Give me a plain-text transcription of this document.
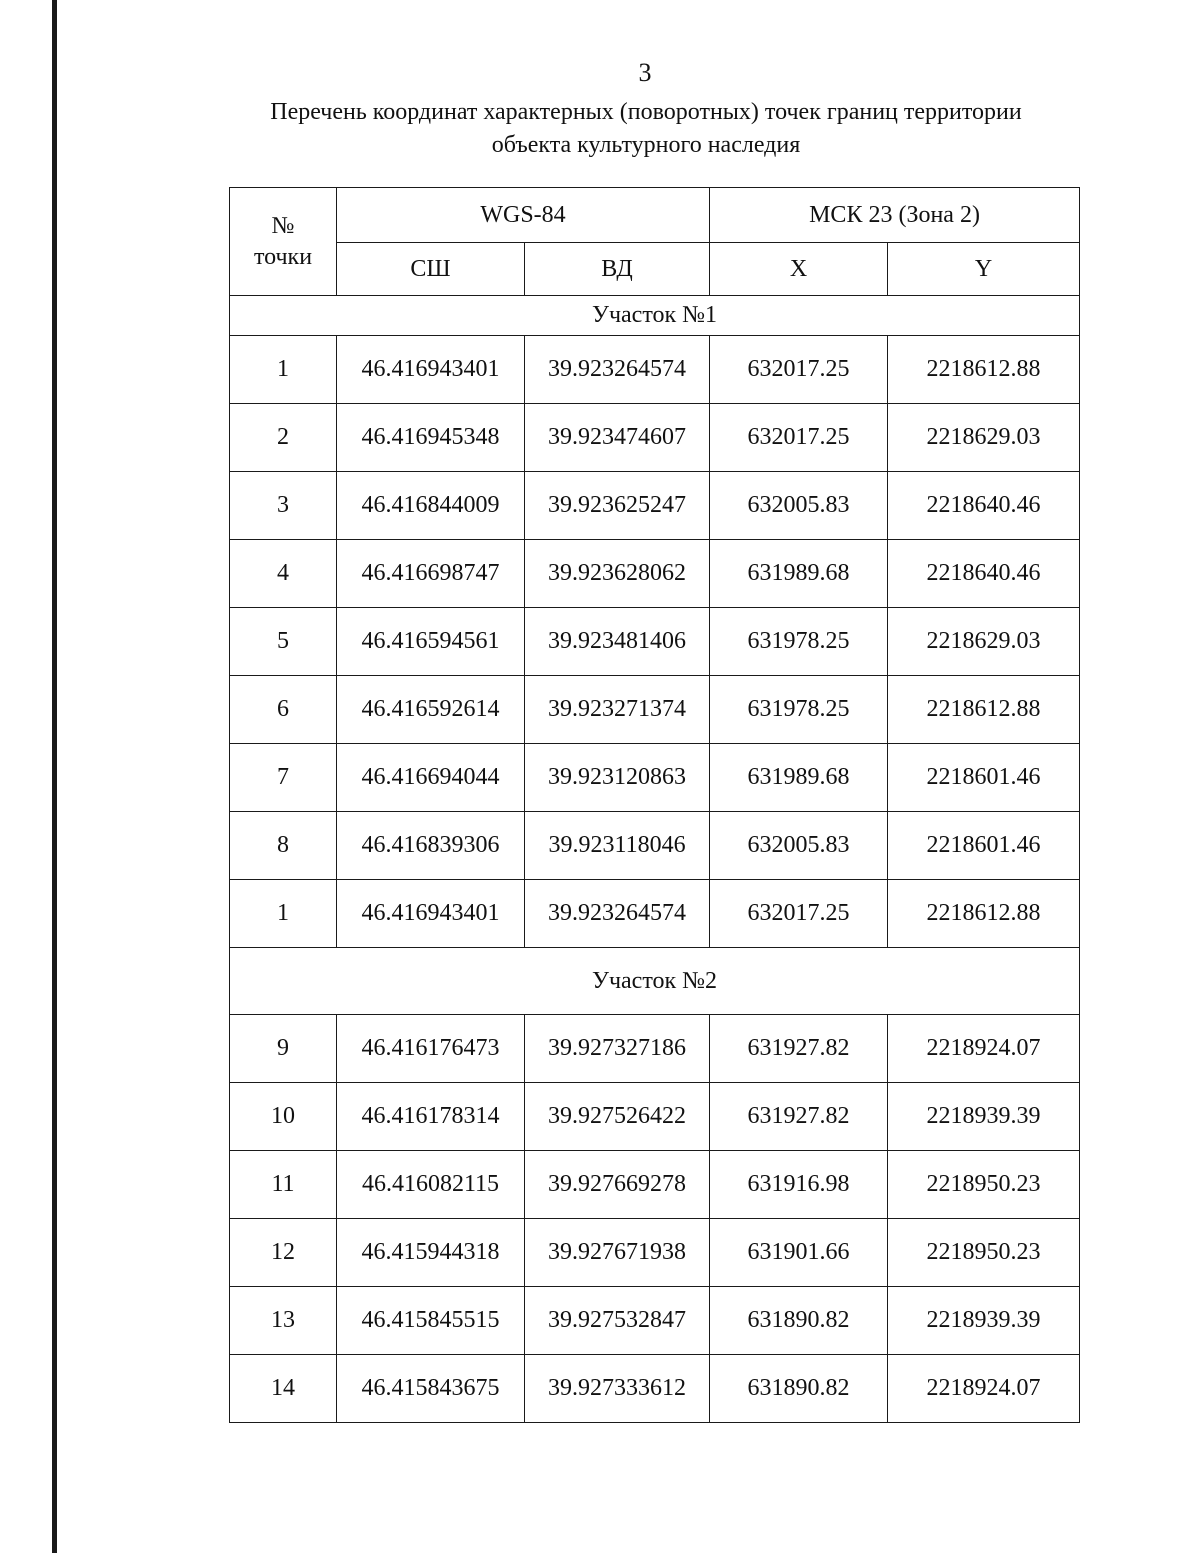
3
Перечень координат характерных (поворотных) точек границ территории
объекта культурного наследия
№
точки	WGS-84		МСК 23 (Зона 2)	
	СШ	ВД	X	Y
Участок №1				
1	46.416943401	39.923264574	632017.25	2218612.88
2	46.416945348	39.923474607	632017.25	2218629.03
3	46.416844009	39.923625247	632005.83	2218640.46
4	46.416698747	39.923628062	631989.68	2218640.46
5	46.416594561	39.923481406	631978.25	2218629.03
6	46.416592614	39.923271374	631978.25	2218612.88
7	46.416694044	39.923120863	631989.68	2218601.46
8	46.416839306	39.923118046	632005.83	2218601.46
1	46.416943401	39.923264574	632017.25	2218612.88
Участок №2				
9	46.416176473	39.927327186	631927.82	2218924.07
10	46.416178314	39.927526422	631927.82	2218939.39
11	46.416082115	39.927669278	631916.98	2218950.23
12	46.415944318	39.927671938	631901.66	2218950.23
13	46.415845515	39.927532847	631890.82	2218939.39
14	46.415843675	39.927333612	631890.82	2218924.07
